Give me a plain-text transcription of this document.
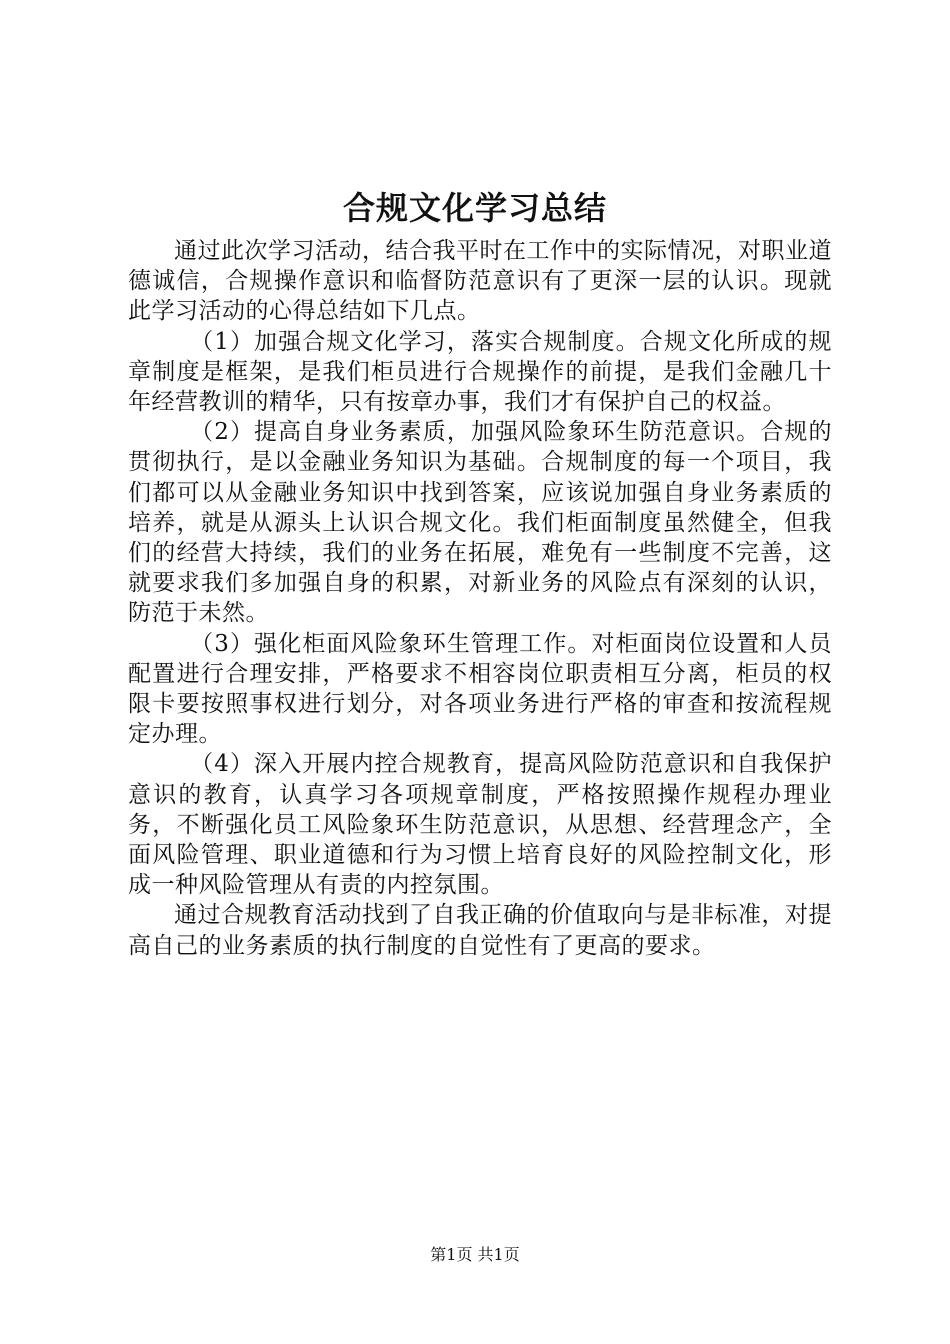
合规文化学习总结

通过此次学习活动，结合我平时在工作中的实际情况，对职业道德诚信，合规操作意识和临督防范意识有了更深一层的认识。现就此学习活动的心得总结如下几点。

（1）加强合规文化学习，落实合规制度。合规文化所成的规章制度是框架，是我们柜员进行合规操作的前提，是我们金融几十年经营教训的精华，只有按章办事，我们才有保护自己的权益。

（2）提高自身业务素质，加强风险象环生防范意识。合规的贯彻执行，是以金融业务知识为基础。合规制度的每一个项目，我们都可以从金融业务知识中找到答案，应该说加强自身业务素质的培养，就是从源头上认识合规文化。我们柜面制度虽然健全，但我们的经营大持续，我们的业务在拓展，难免有一些制度不完善，这就要求我们多加强自身的积累，对新业务的风险点有深刻的认识，防范于未然。

（3）强化柜面风险象环生管理工作。对柜面岗位设置和人员配置进行合理安排，严格要求不相容岗位职责相互分离，柜员的权限卡要按照事权进行划分，对各项业务进行严格的审查和按流程规定办理。

（4）深入开展内控合规教育，提高风险防范意识和自我保护意识的教育，认真学习各项规章制度，严格按照操作规程办理业务，不断强化员工风险象环生防范意识，从思想、经营理念产，全面风险管理、职业道德和行为习惯上培育良好的风险控制文化，形成一种风险管理从有责的内控氛围。

通过合规教育活动找到了自我正确的价值取向与是非标准，对提高自己的业务素质的执行制度的自觉性有了更高的要求。

第1页 共1页
